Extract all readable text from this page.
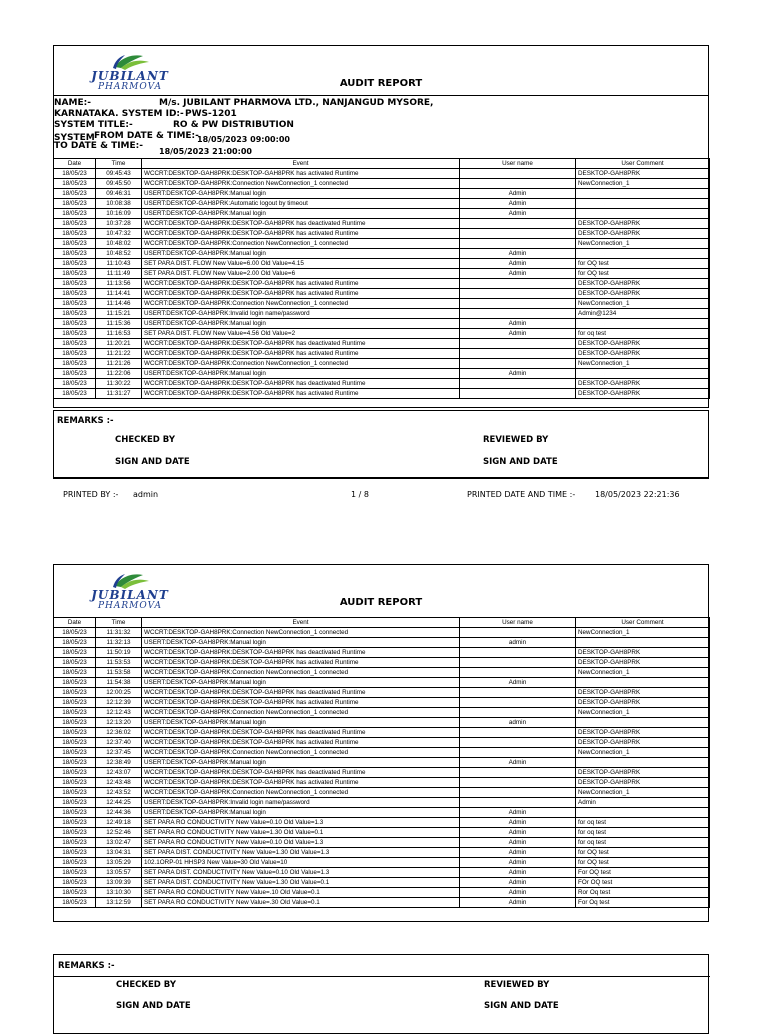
JUBILANT
PHARMOVA	AUDIT REPORT
NAME:-	M/s. JUBILANT PHARMOVA LTD., NANJANGUD MYSORE,
KARNATAKA. SYSTEM ID:- PWS-1201
SYSTEM TITLE:-	RO & PW DISTRIBUTION
SYSTEM FROM DATE & TIME:-
18/05/2023 09:00:00
TO DATE & TIME:-
18/05/2023 21:00:00
Date	Time	Event	User name	User Comment
18/05/23	09:45:43	WCCRT:DESKTOP-GAH8PRK:DESKTOP-GAH8PRK has activated Runtime		DESKTOP-GAH8PRK
18/05/23	09:45:50	WCCRT:DESKTOP-GAH8PRK:Connection NewConnection_1 connected		NewConnection_1
18/05/23	09:46:31	USERT:DESKTOP-GAH8PRK:Manual login	Admin	
18/05/23	10:08:38	USERT:DESKTOP-GAH8PRK:Automatic logout by timeout	Admin	
18/05/23	10:16:09	USERT:DESKTOP-GAH8PRK:Manual login	Admin	
18/05/23	10:37:28	WCCRT:DESKTOP-GAH8PRK:DESKTOP-GAH8PRK has deactivated Runtime		DESKTOP-GAH8PRK
18/05/23	10:47:32	WCCRT:DESKTOP-GAH8PRK:DESKTOP-GAH8PRK has activated Runtime		DESKTOP-GAH8PRK
18/05/23	10:48:02	WCCRT:DESKTOP-GAH8PRK:Connection NewConnection_1 connected		NewConnection_1
18/05/23	10:48:52	USERT:DESKTOP-GAH8PRK:Manual login	Admin	
18/05/23	11:10:43	SET PARA DIST. FLOW New Value=6.00 Old Value=4.15	Admin	for OQ test
18/05/23	11:11:49	SET PARA DIST. FLOW New Value=2.00 Old Value=6	Admin	for OQ test
18/05/23	11:13:56	WCCRT:DESKTOP-GAH8PRK:DESKTOP-GAH8PRK has activated Runtime		DESKTOP-GAH8PRK
18/05/23	11:14:41	WCCRT:DESKTOP-GAH8PRK:DESKTOP-GAH8PRK has activated Runtime		DESKTOP-GAH8PRK
18/05/23	11:14:46	WCCRT:DESKTOP-GAH8PRK:Connection NewConnection_1 connected		NewConnection_1
18/05/23	11:15:21	USERT:DESKTOP-GAH8PRK:Invalid login name/password		Admin@1234
18/05/23	11:15:36	USERT:DESKTOP-GAH8PRK:Manual login	Admin	
18/05/23	11:16:53	SET PARA DIST. FLOW New Value=4.56 Old Value=2	Admin	for oq test
18/05/23	11:20:21	WCCRT:DESKTOP-GAH8PRK:DESKTOP-GAH8PRK has deactivated Runtime		DESKTOP-GAH8PRK
18/05/23	11:21:22	WCCRT:DESKTOP-GAH8PRK:DESKTOP-GAH8PRK has activated Runtime		DESKTOP-GAH8PRK
18/05/23	11:21:26	WCCRT:DESKTOP-GAH8PRK:Connection NewConnection_1 connected		NewConnection_1
18/05/23	11:22:06	USERT:DESKTOP-GAH8PRK:Manual login	Admin	
18/05/23	11:30:22	WCCRT:DESKTOP-GAH8PRK:DESKTOP-GAH8PRK has deactivated Runtime		DESKTOP-GAH8PRK
18/05/23	11:31:27	WCCRT:DESKTOP-GAH8PRK:DESKTOP-GAH8PRK has activated Runtime		DESKTOP-GAH8PRK
REMARKS :-
CHECKED BY	REVIEWED BY
SIGN AND DATE	SIGN AND DATE
PRINTED BY :- admin	1 / 8	PRINTED DATE AND TIME :- 18/05/2023 22:21:36
JUBILANT
PHARMOVA	AUDIT REPORT
Date	Time	Event	User name	User Comment
18/05/23	11:31:32	WCCRT:DESKTOP-GAH8PRK:Connection NewConnection_1 connected		NewConnection_1
18/05/23	11:32:13	USERT:DESKTOP-GAH8PRK:Manual login	admin	
18/05/23	11:50:19	WCCRT:DESKTOP-GAH8PRK:DESKTOP-GAH8PRK has deactivated Runtime		DESKTOP-GAH8PRK
18/05/23	11:53:53	WCCRT:DESKTOP-GAH8PRK:DESKTOP-GAH8PRK has activated Runtime		DESKTOP-GAH8PRK
18/05/23	11:53:58	WCCRT:DESKTOP-GAH8PRK:Connection NewConnection_1 connected		NewConnection_1
18/05/23	11:54:38	USERT:DESKTOP-GAH8PRK:Manual login	Admin	
18/05/23	12:00:25	WCCRT:DESKTOP-GAH8PRK:DESKTOP-GAH8PRK has deactivated Runtime		DESKTOP-GAH8PRK
18/05/23	12:12:39	WCCRT:DESKTOP-GAH8PRK:DESKTOP-GAH8PRK has activated Runtime		DESKTOP-GAH8PRK
18/05/23	12:12:43	WCCRT:DESKTOP-GAH8PRK:Connection NewConnection_1 connected		NewConnection_1
18/05/23	12:13:20	USERT:DESKTOP-GAH8PRK:Manual login	admin	
18/05/23	12:36:02	WCCRT:DESKTOP-GAH8PRK:DESKTOP-GAH8PRK has deactivated Runtime		DESKTOP-GAH8PRK
18/05/23	12:37:40	WCCRT:DESKTOP-GAH8PRK:DESKTOP-GAH8PRK has activated Runtime		DESKTOP-GAH8PRK
18/05/23	12:37:45	WCCRT:DESKTOP-GAH8PRK:Connection NewConnection_1 connected		NewConnection_1
18/05/23	12:38:49	USERT:DESKTOP-GAH8PRK:Manual login	Admin	
18/05/23	12:43:07	WCCRT:DESKTOP-GAH8PRK:DESKTOP-GAH8PRK has deactivated Runtime		DESKTOP-GAH8PRK
18/05/23	12:43:48	WCCRT:DESKTOP-GAH8PRK:DESKTOP-GAH8PRK has activated Runtime		DESKTOP-GAH8PRK
18/05/23	12:43:52	WCCRT:DESKTOP-GAH8PRK:Connection NewConnection_1 connected		NewConnection_1
18/05/23	12:44:25	USERT:DESKTOP-GAH8PRK:Invalid login name/password		Admin
18/05/23	12:44:36	USERT:DESKTOP-GAH8PRK:Manual login	Admin	
18/05/23	12:49:18	SET PARA RO CONDUCTIVITY New Value=0.10 Old Value=1.3	Admin	for oq test
18/05/23	12:52:46	SET PARA RO CONDUCTIVITY New Value=1.30 Old Value=0.1	Admin	for oq test
18/05/23	13:02:47	SET PARA RO CONDUCTIVITY New Value=0.10 Old Value=1.3	Admin	for oq test
18/05/23	13:04:31	SET PARA DIST. CONDUCTIVITY New Value=1.30 Old Value=1.3	Admin	for OQ test
18/05/23	13:05:29	102.1ORP-01 HHSP3 New Value=30 Old Value=10	Admin	for OQ test
18/05/23	13:05:57	SET PARA DIST. CONDUCTIVITY New Value=0.10 Old Value=1.3	Admin	For OQ test
18/05/23	13:09:39	SET PARA DIST. CONDUCTIVITY New Value=1.30 Old Value=0.1	Admin	FOr OQ test
18/05/23	13:10:30	SET PARA RO CONDUCTIVITY New Value=.10 Old Value=0.1	Admin	Ror Oq test
18/05/23	13:12:59	SET PARA RO CONDUCTIVITY New Value=.30 Old Value=0.1	Admin	For Oq test
REMARKS :-
CHECKED BY	REVIEWED BY
SIGN AND DATE	SIGN AND DATE
